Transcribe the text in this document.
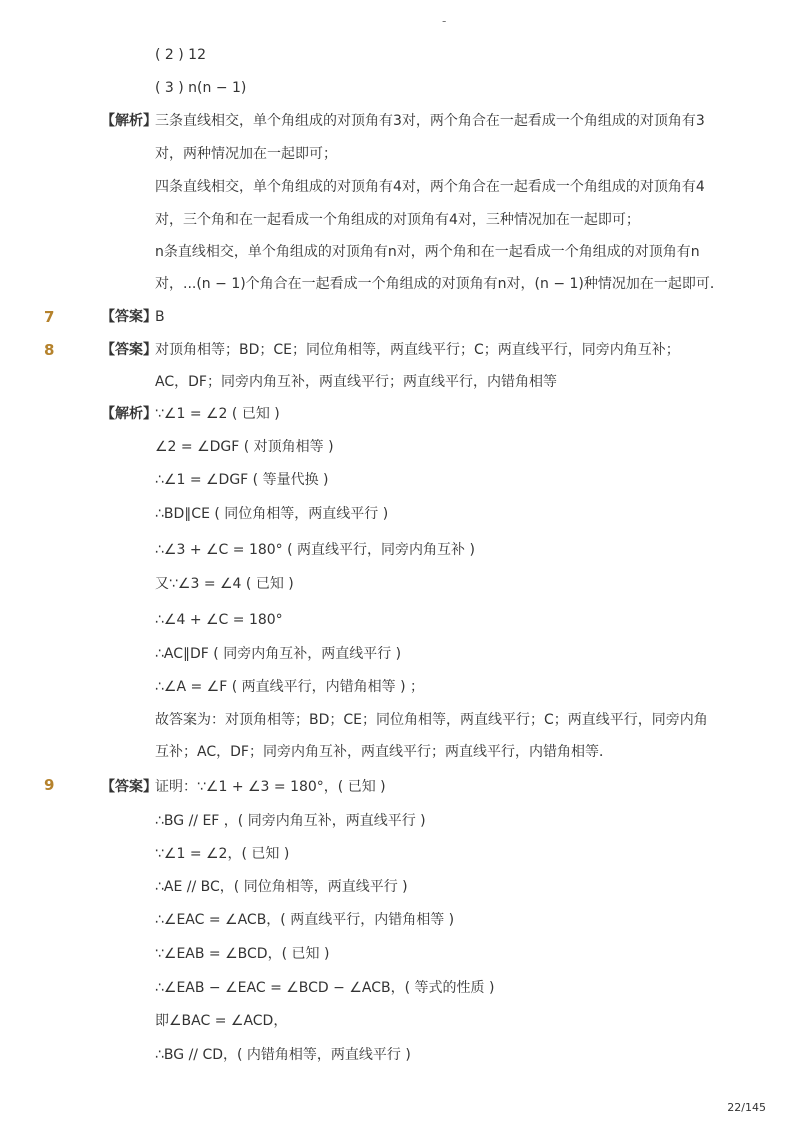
-
( 2 ) 12
( 3 ) n(n − 1)
【解析】
三条直线相交，单个角组成的对顶角有3对，两个角合在一起看成一个角组成的对顶角有3
对，两种情况加在一起即可；
四条直线相交，单个角组成的对顶角有4对，两个角合在一起看成一个角组成的对顶角有4
对，三个角和在一起看成一个角组成的对顶角有4对，三种情况加在一起即可；
n条直线相交，单个角组成的对顶角有n对，两个角和在一起看成一个角组成的对顶角有n
对，...(n − 1)个角合在一起看成一个角组成的对顶角有n对，(n − 1)种情况加在一起即可．
7	【答案】
B
8	【答案】
对顶角相等；BD；CE；同位角相等，两直线平行；C；两直线平行，同旁内角互补；
AC，DF；同旁内角互补，两直线平行；两直线平行，内错角相等
【解析】
∵∠1 = ∠2 ( 已知 )
∠2 = ∠DGF ( 对顶角相等 )
∴∠1 = ∠DGF ( 等量代换 )
∴BD∥CE ( 同位角相等，两直线平行 )
∴∠3 + ∠C = 180° ( 两直线平行，同旁内角互补 )
又∵∠3 = ∠4 ( 已知 )
∴∠4 + ∠C = 180°
∴AC∥DF ( 同旁内角互补，两直线平行 )
∴∠A = ∠F ( 两直线平行，内错角相等 ) ；
故答案为：对顶角相等；BD；CE；同位角相等，两直线平行；C；两直线平行，同旁内角
互补；AC，DF；同旁内角互补，两直线平行；两直线平行，内错角相等．
9	【答案】
证明：∵∠1 + ∠3 = 180°，( 已知 )
∴BG // EF ，( 同旁内角互补，两直线平行 )
∵∠1 = ∠2，( 已知 )
∴AE // BC，( 同位角相等，两直线平行 )
∴∠EAC = ∠ACB，( 两直线平行，内错角相等 )
∵∠EAB = ∠BCD，( 已知 )
∴∠EAB − ∠EAC = ∠BCD − ∠ACB，( 等式的性质 )
即∠BAC = ∠ACD，
∴BG // CD，( 内错角相等，两直线平行 )
22/145
